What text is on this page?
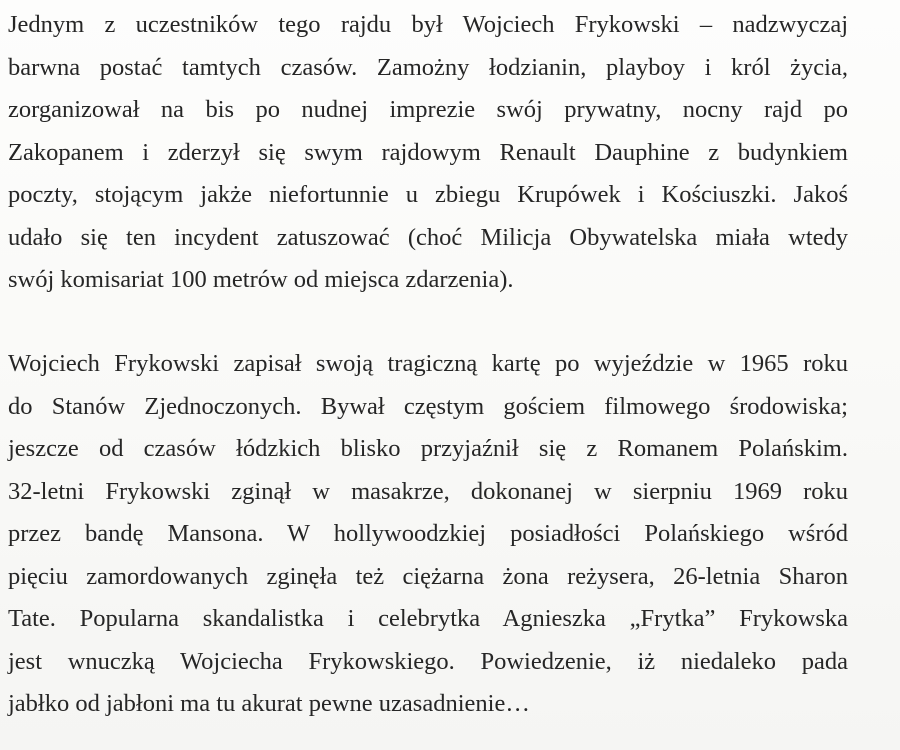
Jednym z uczestników tego rajdu był Wojciech Frykowski – nadzwyczaj
barwna postać tamtych czasów. Zamożny łodzianin, playboy i król życia,
zorganizował na bis po nudnej imprezie swój prywatny, nocny rajd po
Zakopanem i zderzył się swym rajdowym Renault Dauphine z budynkiem
poczty, stojącym jakże niefortunnie u zbiegu Krupówek i Kościuszki. Jakoś
udało się ten incydent zatuszować (choć Milicja Obywatelska miała wtedy
swój komisariat 100 metrów od miejsca zdarzenia).

Wojciech Frykowski zapisał swoją tragiczną kartę po wyjeździe w 1965 roku
do Stanów Zjednoczonych. Bywał częstym gościem filmowego środowiska;
jeszcze od czasów łódzkich blisko przyjaźnił się z Romanem Polańskim.
32-letni Frykowski zginął w masakrze, dokonanej w sierpniu 1969 roku
przez bandę Mansona. W hollywoodzkiej posiadłości Polańskiego wśród
pięciu zamordowanych zginęła też ciężarna żona reżysera, 26-letnia Sharon
Tate. Popularna skandalistka i celebrytka Agnieszka „Frytka” Frykowska
jest wnuczką Wojciecha Frykowskiego. Powiedzenie, iż niedaleko pada
jabłko od jabłoni ma tu akurat pewne uzasadnienie…
